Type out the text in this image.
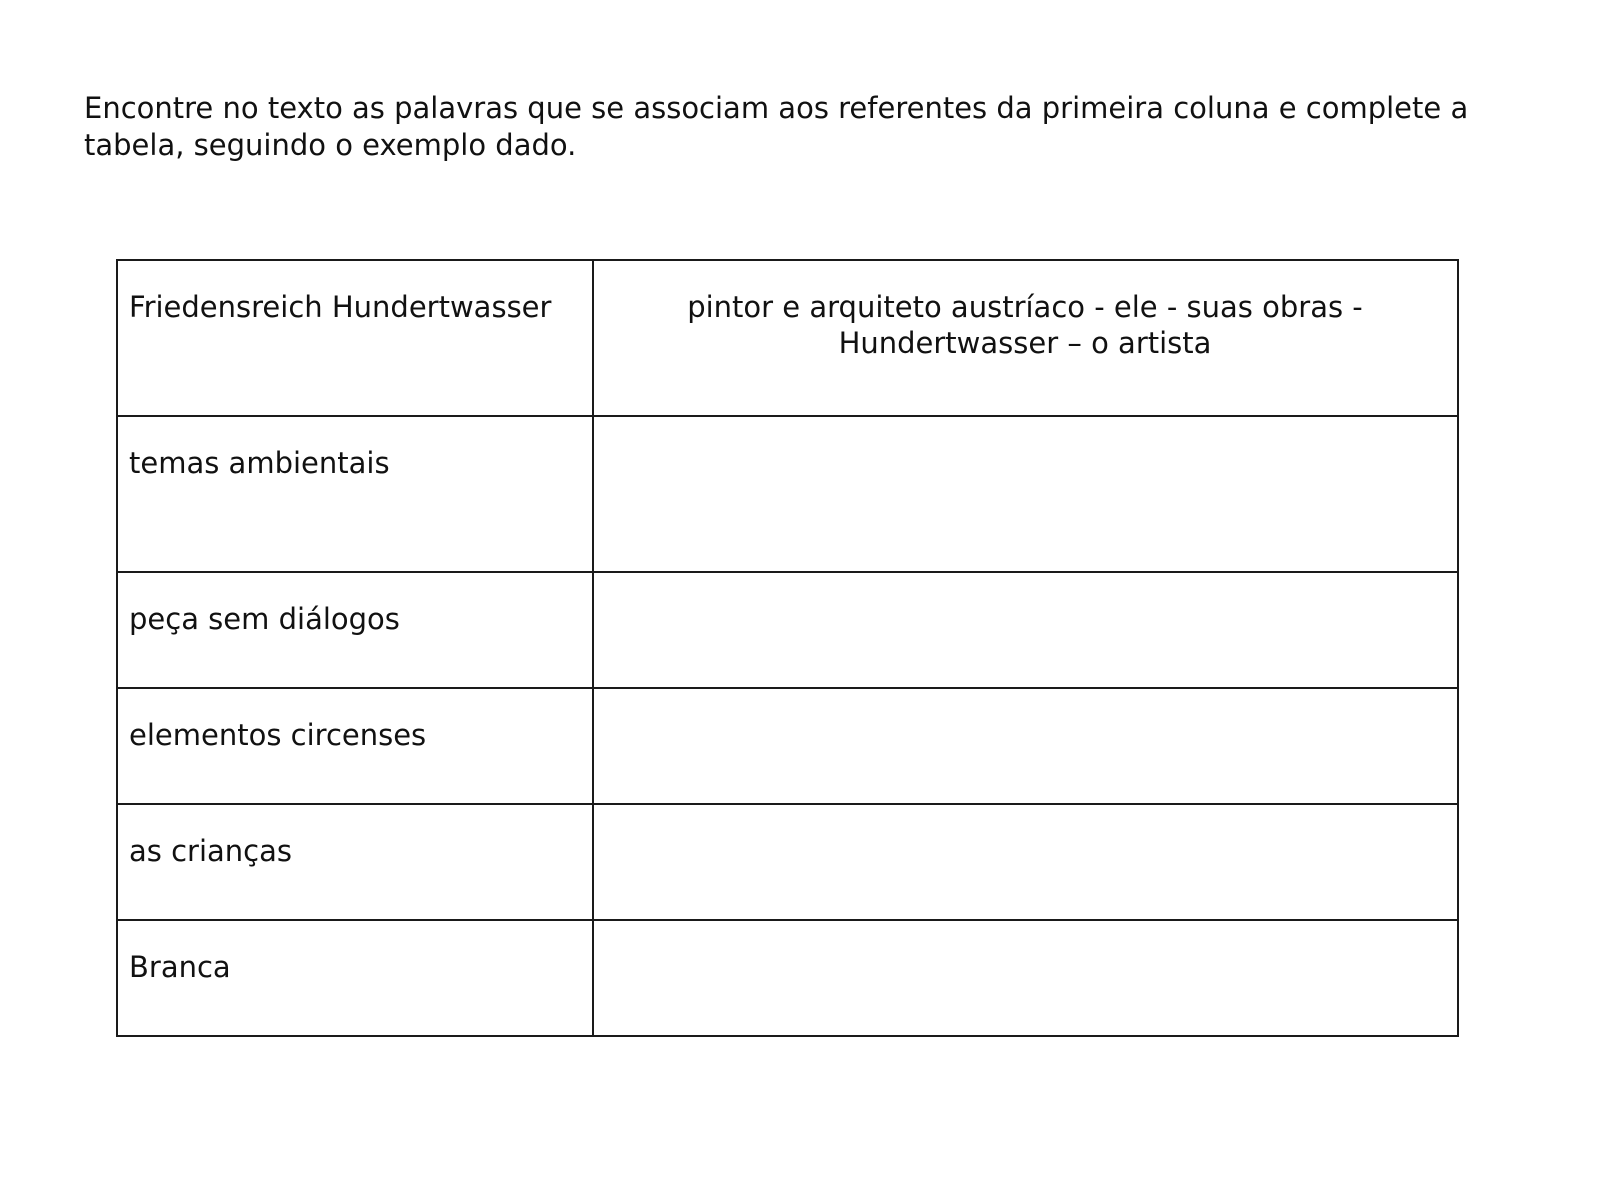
Encontre no texto as palavras que se associam aos referentes da primeira coluna e complete a tabela, seguindo o exemplo dado.

Friedensreich Hundertwasser	pintor e arquiteto austríaco - ele - suas obras - Hundertwasser – o artista
temas ambientais	
peça sem diálogos	
elementos circenses	
as crianças	
Branca	
